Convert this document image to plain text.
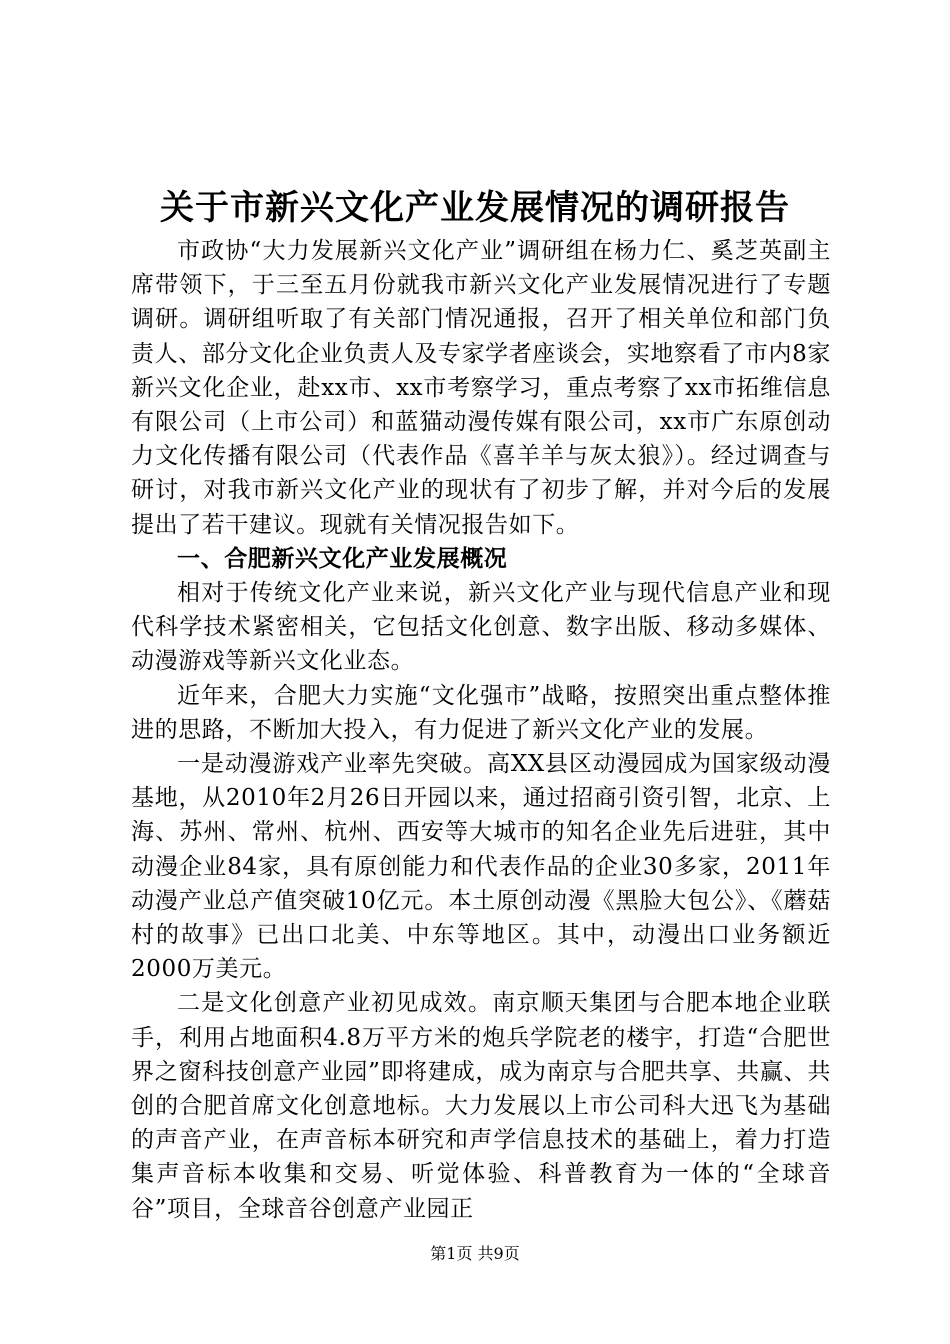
关于市新兴文化产业发展情况的调研报告

市政协“大力发展新兴文化产业”调研组在杨力仁、奚芝英副主席带领下，于三至五月份就我市新兴文化产业发展情况进行了专题调研。调研组听取了有关部门情况通报，召开了相关单位和部门负责人、部分文化企业负责人及专家学者座谈会，实地察看了市内8家新兴文化企业，赴xx市、xx市考察学习，重点考察了xx市拓维信息有限公司（上市公司）和蓝猫动漫传媒有限公司，xx市广东原创动力文化传播有限公司（代表作品《喜羊羊与灰太狼》）。经过调查与研讨，对我市新兴文化产业的现状有了初步了解，并对今后的发展提出了若干建议。现就有关情况报告如下。

一、合肥新兴文化产业发展概况

相对于传统文化产业来说，新兴文化产业与现代信息产业和现代科学技术紧密相关，它包括文化创意、数字出版、移动多媒体、动漫游戏等新兴文化业态。

近年来，合肥大力实施“文化强市”战略，按照突出重点整体推进的思路，不断加大投入，有力促进了新兴文化产业的发展。

一是动漫游戏产业率先突破。高XX县区动漫园成为国家级动漫基地，从2010年2月26日开园以来，通过招商引资引智，北京、上海、苏州、常州、杭州、西安等大城市的知名企业先后进驻，其中动漫企业84家，具有原创能力和代表作品的企业30多家，2011年动漫产业总产值突破10亿元。本土原创动漫《黑脸大包公》、《蘑菇村的故事》已出口北美、中东等地区。其中，动漫出口业务额近2000万美元。

二是文化创意产业初见成效。南京顺天集团与合肥本地企业联手，利用占地面积4.8万平方米的炮兵学院老的楼宇，打造“合肥世界之窗科技创意产业园”即将建成，成为南京与合肥共享、共赢、共创的合肥首席文化创意地标。大力发展以上市公司科大迅飞为基础的声音产业，在声音标本研究和声学信息技术的基础上，着力打造集声音标本收集和交易、听觉体验、科普教育为一体的“全球音谷”项目，全球音谷创意产业园正

第1页 共9页
